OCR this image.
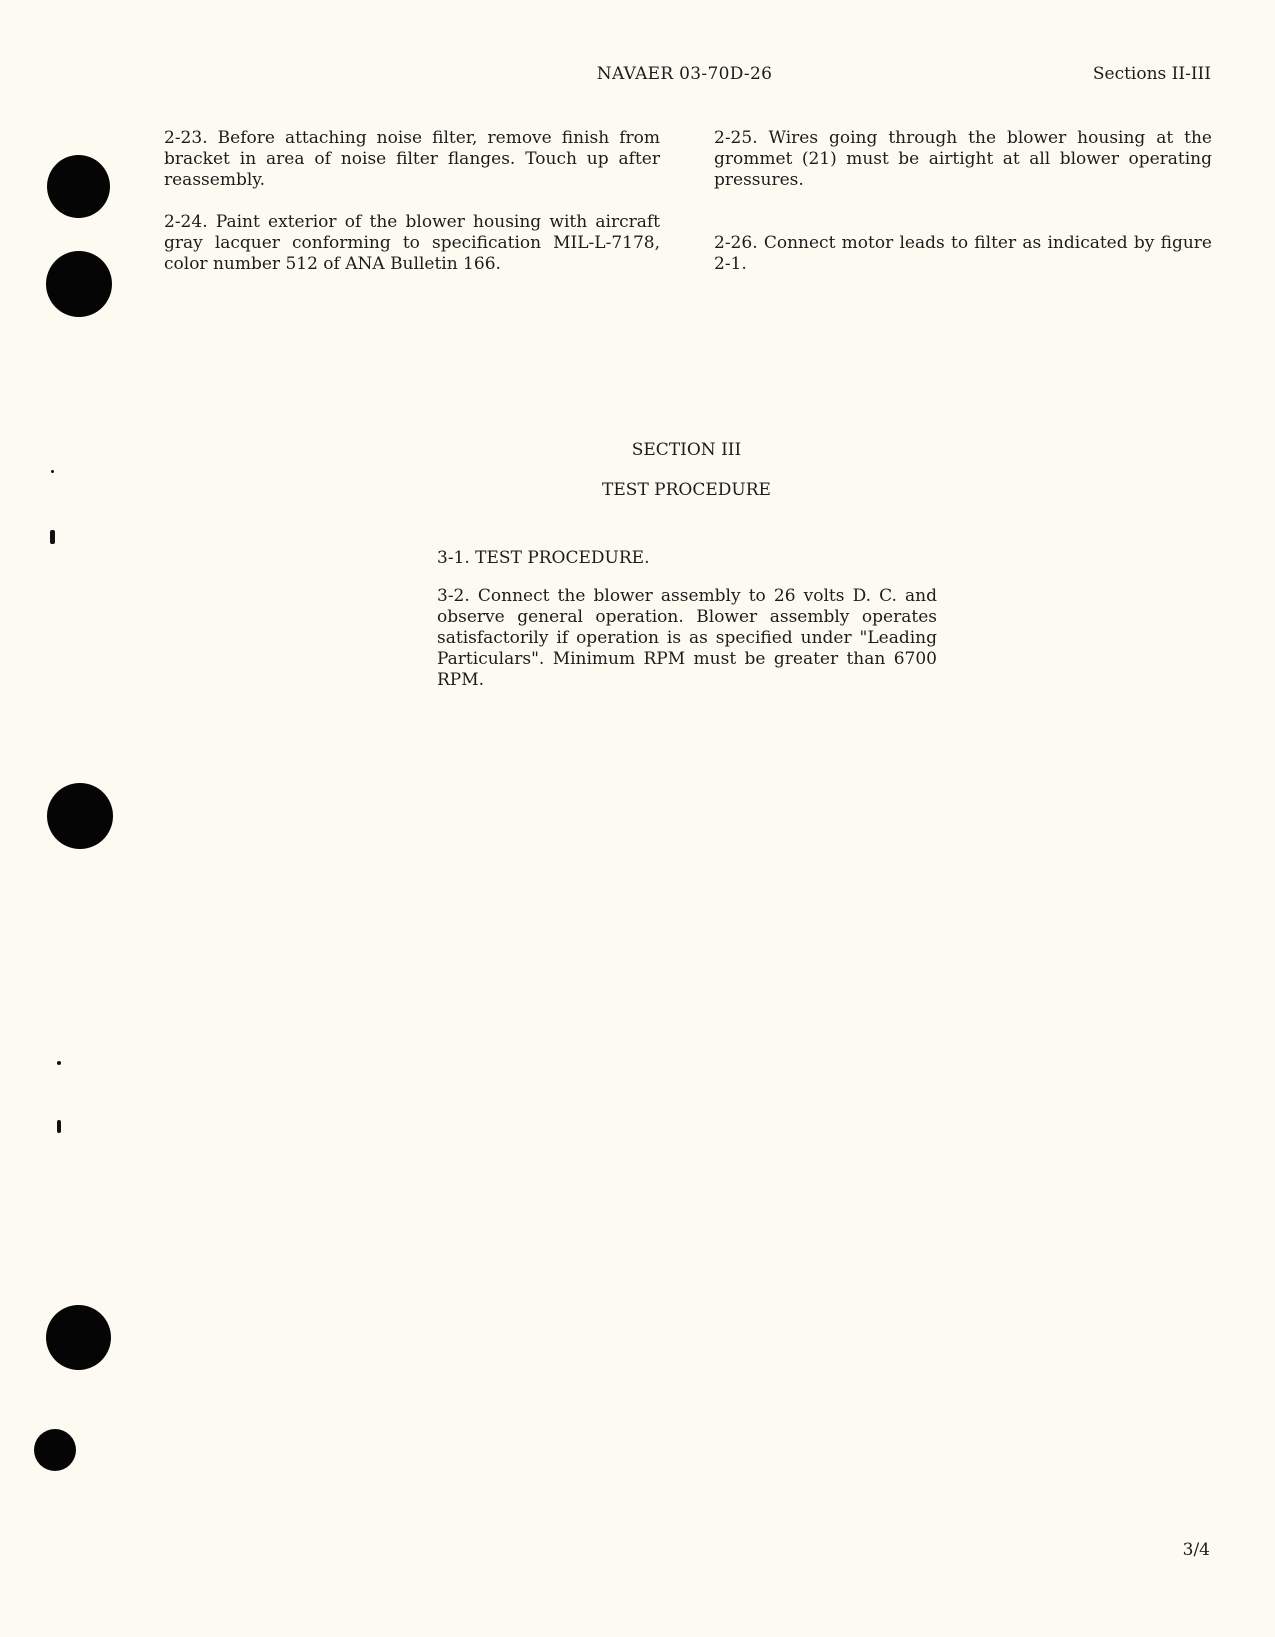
NAVAER 03-70D-26	Sections II-III

2-23. Before attaching noise filter, remove finish from bracket in area of noise filter flanges. Touch up after reassembly.

2-24. Paint exterior of the blower housing with aircraft gray lacquer conforming to specification MIL-L-7178, color number 512 of ANA Bulletin 166.

2-25. Wires going through the blower housing at the grommet (21) must be airtight at all blower operating pressures.

2-26. Connect motor leads to filter as indicated by figure 2-1.

SECTION III
TEST PROCEDURE

3-1. TEST PROCEDURE.

3-2. Connect the blower assembly to 26 volts D. C. and observe general operation. Blower assembly operates satisfactorily if operation is as specified under "Leading Particulars". Minimum RPM must be greater than 6700 RPM.

3/4
